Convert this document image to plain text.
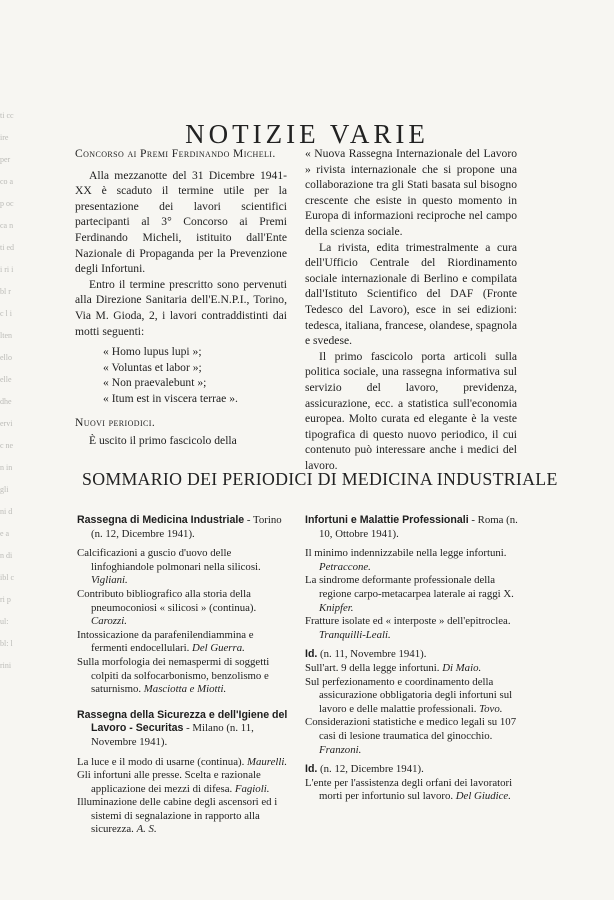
ti cc ire per co ap oc ca nti edi ri ibl rc l i lten ello elle dhe ervic nen in gli ni de a n di ibl c ri p ul: bl: l rini
NOTIZIE VARIE

Concorso ai Premi Ferdinando Micheli.

Alla mezzanotte del 31 Dicembre 1941-XX è scaduto il termine utile per la presentazione dei lavori scientifici partecipanti al 3° Concorso ai Premi Ferdinando Micheli, istituito dall'Ente Nazionale di Propaganda per la Prevenzione degli Infortuni.

Entro il termine prescritto sono pervenuti alla Direzione Sanitaria dell'E.N.P.I., Torino, Via M. Gioda, 2, i lavori contraddistinti dai motti seguenti:

« Homo lupus lupi »;

« Voluntas et labor »;

« Non praevalebunt »;

« Itum est in viscera terrae ».

Nuovi periodici.

È uscito il primo fascicolo della

« Nuova Rassegna Internazionale del Lavoro » rivista internazionale che si propone una collaborazione tra gli Stati basata sul bisogno crescente che esiste in questo momento in Europa di informazioni reciproche nel campo della scienza sociale.

La rivista, edita trimestralmente a cura dell'Ufficio Centrale del Riordinamento sociale internazionale di Berlino e compilata dall'Istituto Scientifico del DAF (Fronte Tedesco del Lavoro), esce in sei edizioni: tedesca, italiana, francese, olandese, spagnola e svedese.

Il primo fascicolo porta articoli sulla politica sociale, una rassegna informativa sul servizio del lavoro, previdenza, assicurazione, ecc. a statistica sull'economia europea. Molto curata ed elegante è la veste tipografica di questo nuovo periodico, il cui contenuto può interessare anche i medici del lavoro.

SOMMARIO DEI PERIODICI DI MEDICINA INDUSTRIALE

Rassegna di Medicina Industriale - Torino (n. 12, Dicembre 1941).

Calcificazioni a guscio d'uovo delle linfoghiandole polmonari nella silicosi. Vigliani.

Contributo bibliografico alla storia della pneumoconiosi « silicosi » (continua). Carozzi.

Intossicazione da parafenilendiammina e fermenti endocellulari. Del Guerra.

Sulla morfologia dei nemaspermi di soggetti colpiti da solfocarbonismo, benzolismo e saturnismo. Masciotta e Miotti.

Rassegna della Sicurezza e dell'Igiene del Lavoro - Securitas - Milano (n. 11, Novembre 1941).

La luce e il modo di usarne (continua). Maurelli.

Gli infortuni alle presse. Scelta e razionale applicazione dei mezzi di difesa. Fagioli.

Illuminazione delle cabine degli ascensori ed i sistemi di segnalazione in rapporto alla sicurezza. A. S.

Infortuni e Malattie Professionali - Roma (n. 10, Ottobre 1941).

Il minimo indennizzabile nella legge infortuni. Petraccone.

La sindrome deformante professionale della regione carpo-metacarpea laterale ai raggi X. Knipfer.

Fratture isolate ed « interposte » dell'epitroclea. Tranquilli-Leali.

Id. (n. 11, Novembre 1941).

Sull'art. 9 della legge infortuni. Di Maio.

Sul perfezionamento e coordinamento della assicurazione obbligatoria degli infortuni sul lavoro e delle malattie professionali. Tovo.

Considerazioni statistiche e medico legali su 107 casi di lesione traumatica del ginocchio. Franzoni.

Id. (n. 12, Dicembre 1941).

L'ente per l'assistenza degli orfani dei lavoratori morti per infortunio sul lavoro. Del Giudice.
